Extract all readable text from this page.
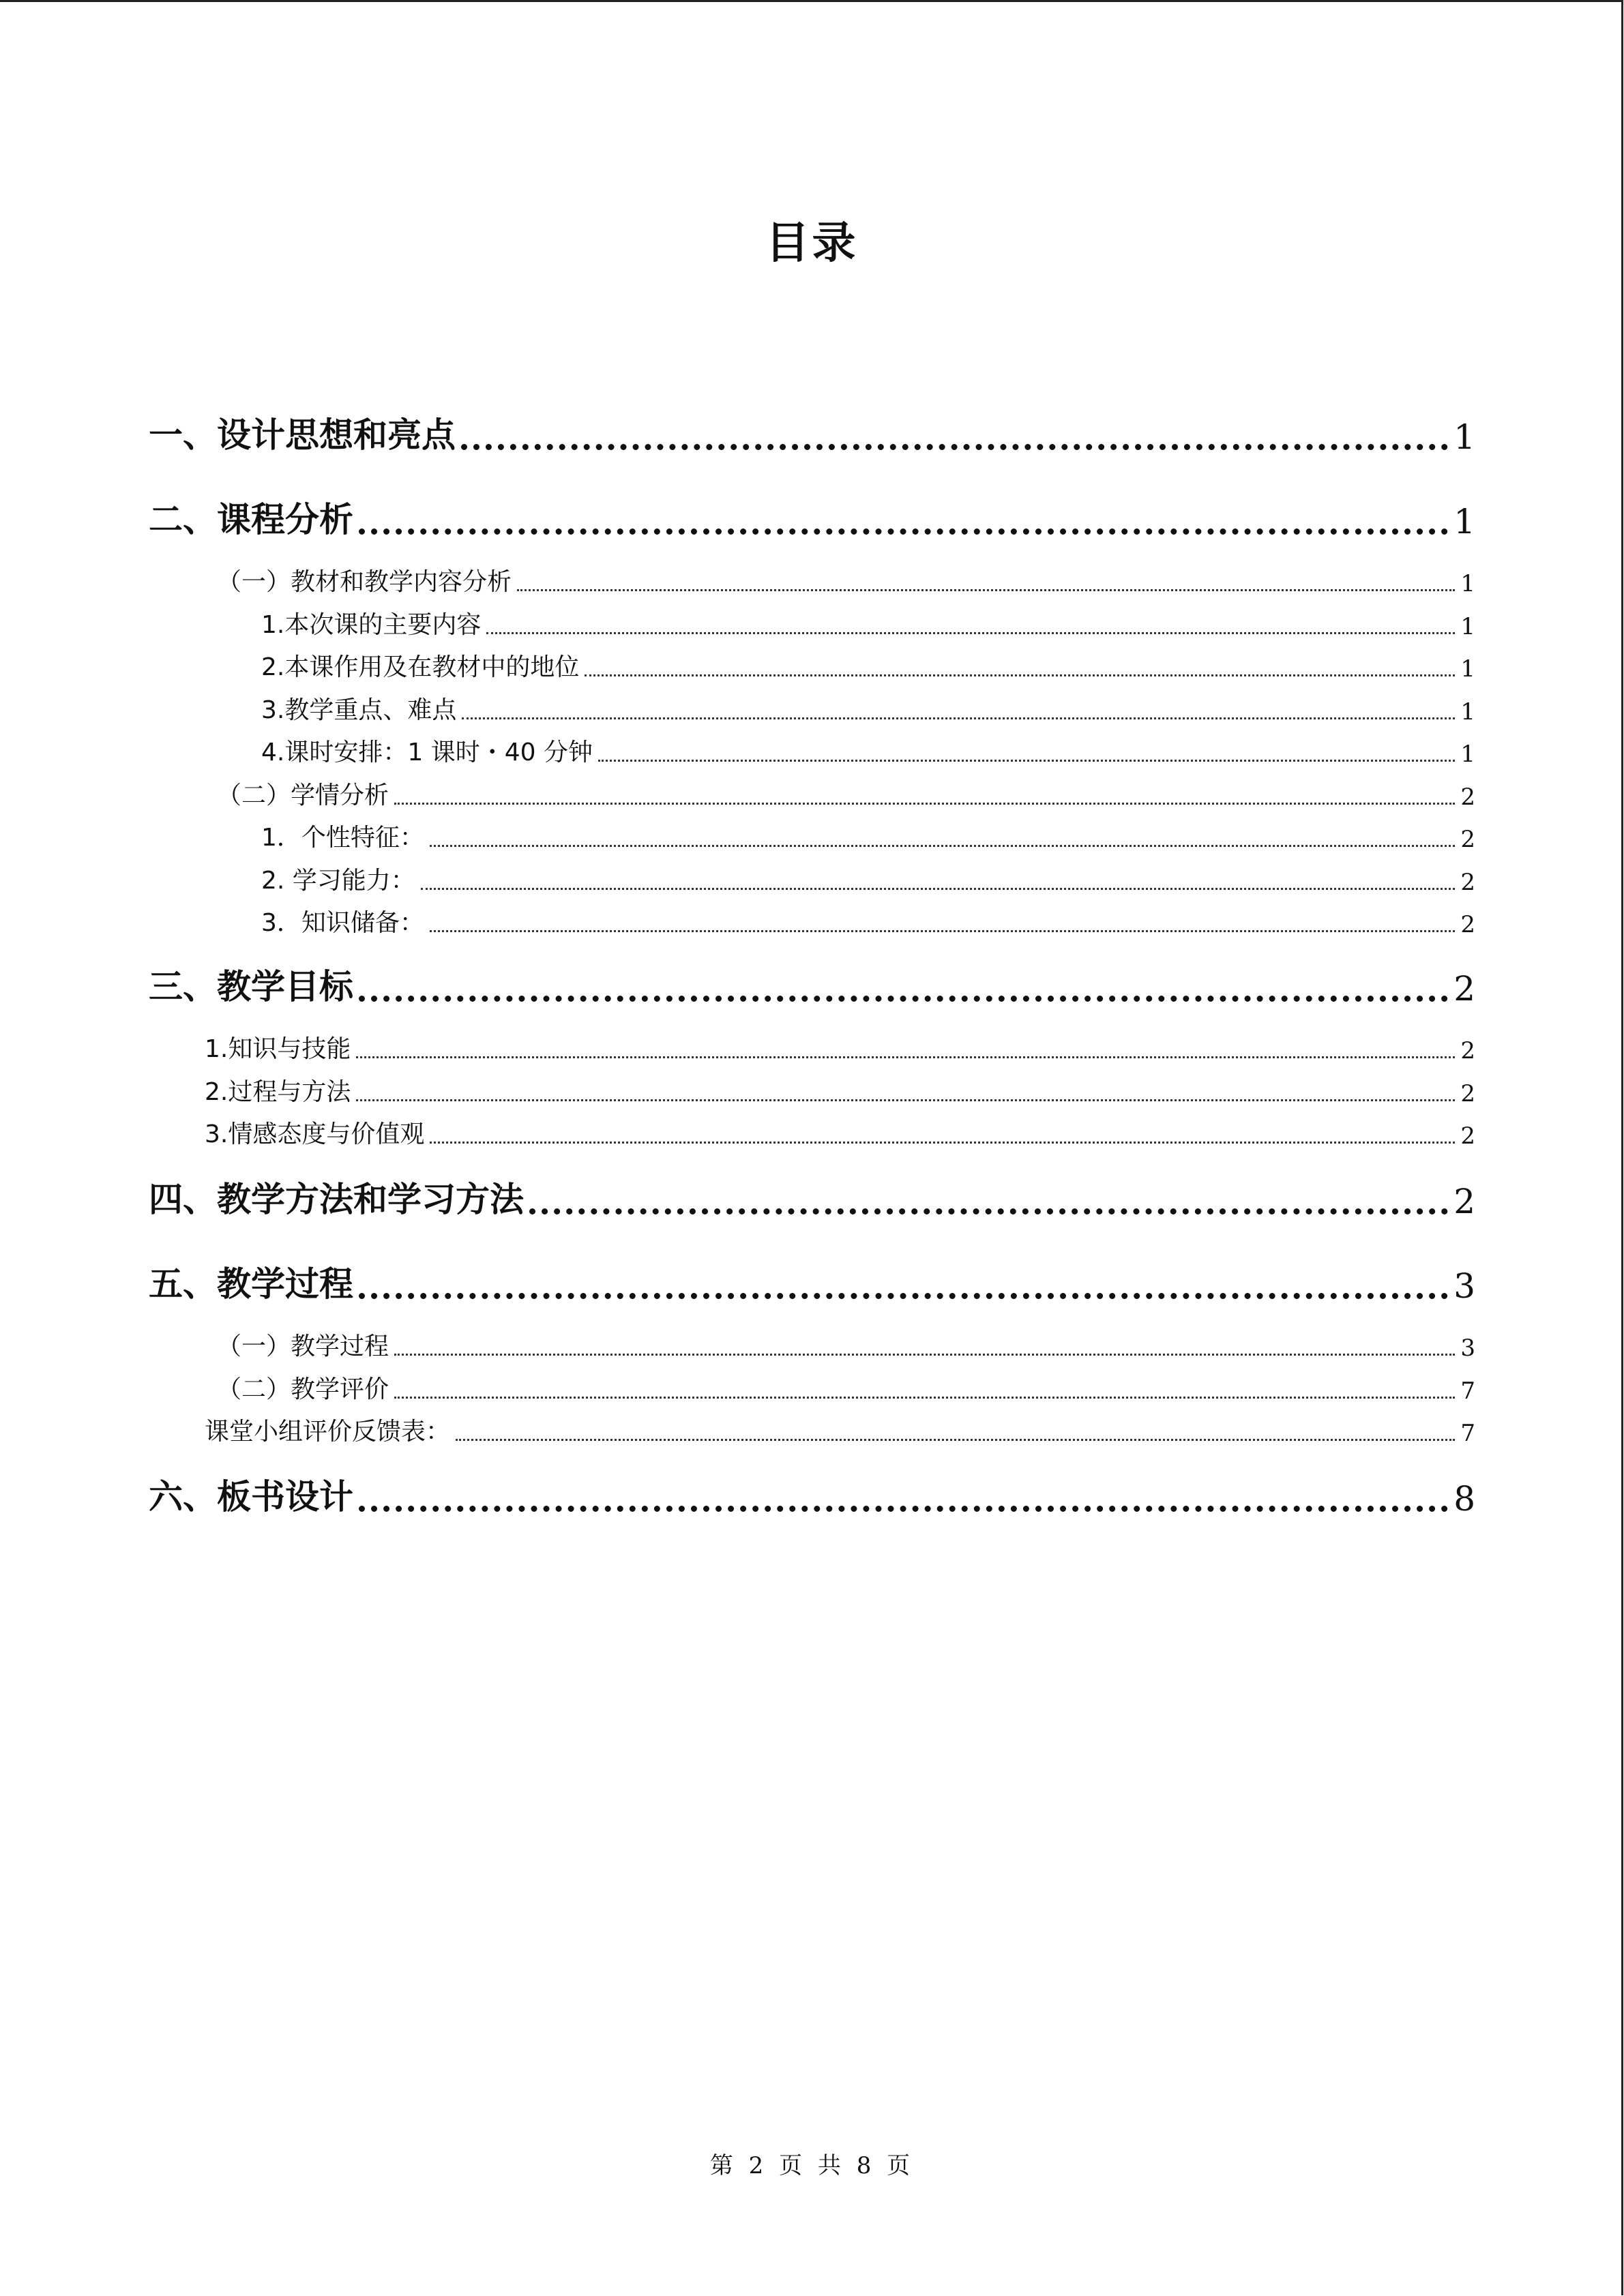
目录
一、设计思想和亮点	1
二、课程分析	1
（一）教材和教学内容分析	1
1.本次课的主要内容	1
2.本课作用及在教材中的地位	1
3.教学重点、难点	1
4.课时安排：1 课时・40 分钟	1
（二）学情分析	2
1．个性特征：	2
2. 学习能力：	2
3．知识储备：	2
三、教学目标	2
1.知识与技能	2
2.过程与方法	2
3.情感态度与价值观	2
四、教学方法和学习方法	2
五、教学过程	3
（一）教学过程	3
（二）教学评价	7
课堂小组评价反馈表：	7
六、板书设计	8
第 2 页 共 8 页
